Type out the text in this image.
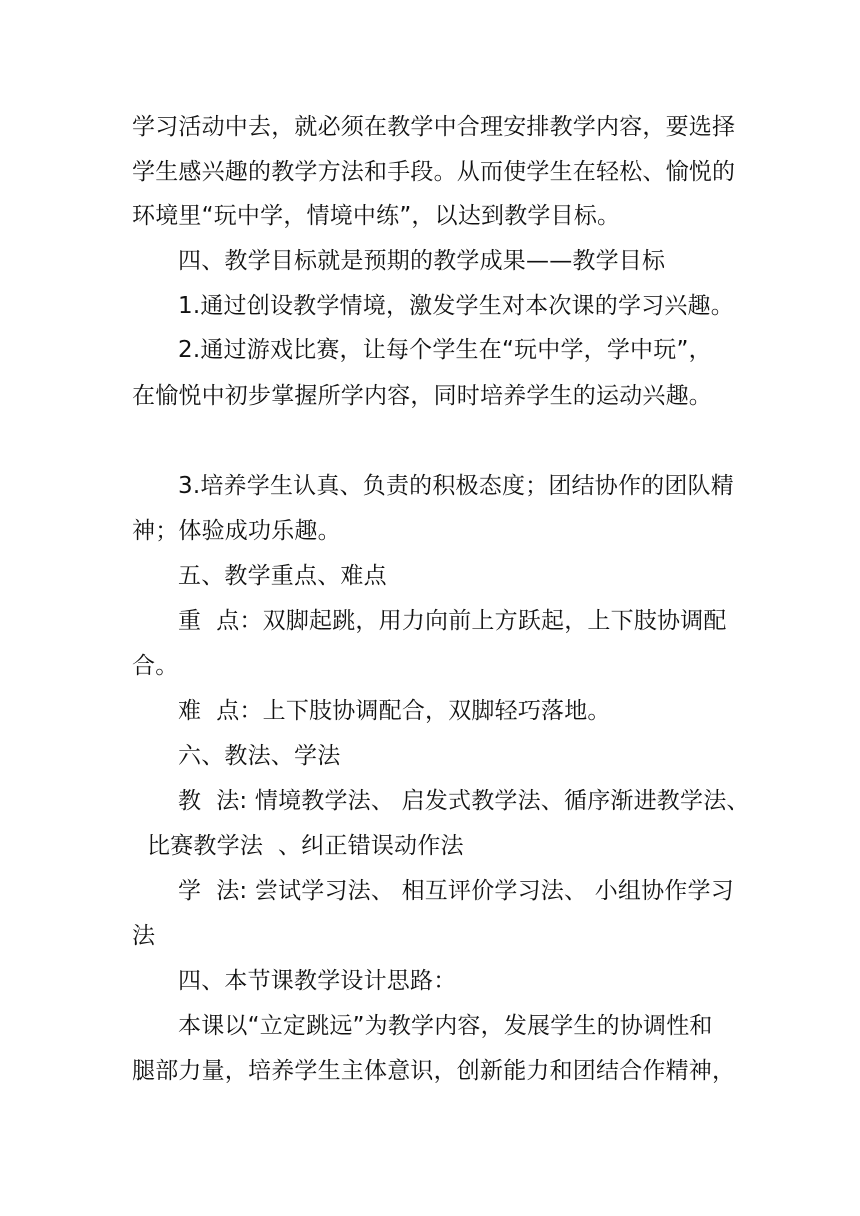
学习活动中去，就必须在教学中合理安排教学内容，要选择
学生感兴趣的教学方法和手段。从而使学生在轻松、愉悦的
环境里“玩中学，情境中练”，以达到教学目标。
四、教学目标就是预期的教学成果——教学目标
1.通过创设教学情境，激发学生对本次课的学习兴趣。
2.通过游戏比赛，让每个学生在“玩中学，学中玩”，
在愉悦中初步掌握所学内容，同时培养学生的运动兴趣。
3.培养学生认真、负责的积极态度；团结协作的团队精
神；体验成功乐趣。
五、教学重点、难点
重  点：双脚起跳，用力向前上方跃起，上下肢协调配
合。
难  点：上下肢协调配合，双脚轻巧落地。
六、教法、学法
教  法: 情境教学法、 启发式教学法、循序渐进教学法、
比赛教学法  、纠正错误动作法
学  法: 尝试学习法、 相互评价学习法、 小组协作学习
法
四、本节课教学设计思路：
本课以“立定跳远”为教学内容，发展学生的协调性和
腿部力量，培养学生主体意识，创新能力和团结合作精神，
